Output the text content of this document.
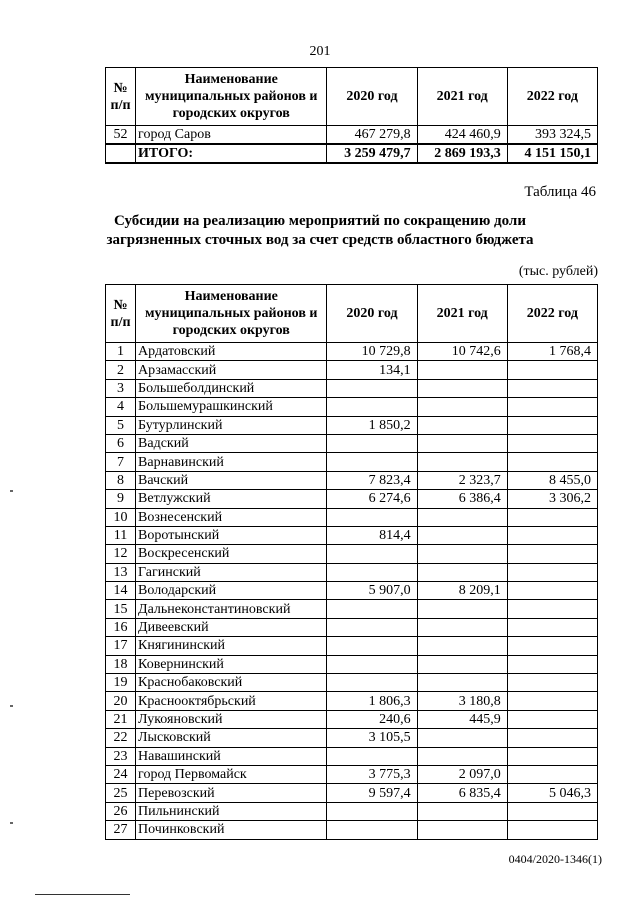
201
№ п/п	Наименование муниципальных районов и городских округов	2020 год	2021 год	2022 год
52	город Саров	467 279,8	424 460,9	393 324,5
	ИТОГО:	3 259 479,7	2 869 193,3	4 151 150,1
Таблица 46
Субсидии на реализацию мероприятий по сокращению доли
загрязненных сточных вод за счет средств областного бюджета
(тыс. рублей)
№ п/п	Наименование муниципальных районов и городских округов	2020 год	2021 год	2022 год
1	Ардатовский	10 729,8	10 742,6	1 768,4
2	Арзамасский	134,1		
3	Большеболдинский			
4	Большемурашкинский			
5	Бутурлинский	1 850,2		
6	Вадский			
7	Варнавинский			
8	Вачский	7 823,4	2 323,7	8 455,0
9	Ветлужский	6 274,6	6 386,4	3 306,2
10	Вознесенский			
11	Воротынский	814,4		
12	Воскресенский			
13	Гагинский			
14	Володарский	5 907,0	8 209,1	
15	Дальнеконстантиновский			
16	Дивеевский			
17	Княгининский			
18	Ковернинский			
19	Краснобаковский			
20	Краснооктябрьский	1 806,3	3 180,8	
21	Лукояновский	240,6	445,9	
22	Лысковский	3 105,5		
23	Навашинский			
24	город Первомайск	3 775,3	2 097,0	
25	Перевозский	9 597,4	6 835,4	5 046,3
26	Пильнинский			
27	Починковский			
0404/2020-1346(1)
